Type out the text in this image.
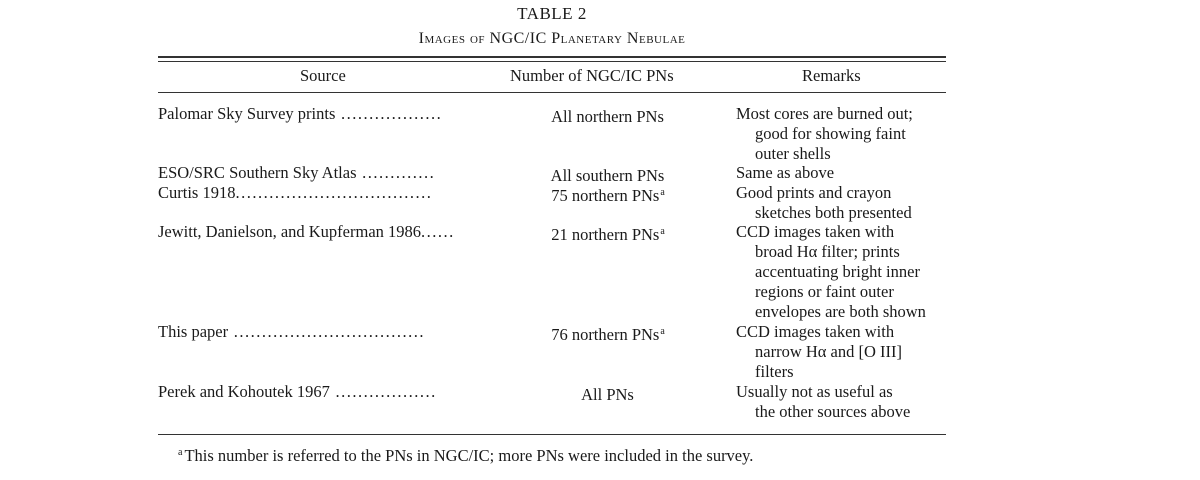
TABLE 2
Images of NGC/IC Planetary Nebulae
Source	Number of NGC/IC PNs	Remarks
Palomar Sky Survey prints ..................	All northern PNs	Most cores are burned out;
good for showing faint
outer shells
ESO/SRC Southern Sky Atlas .............	All southern PNs	Same as above
Curtis 1918...................................	75 northern PNs$^a$	Good prints and crayon
sketches both presented
Jewitt, Danielson, and Kupferman 1986......	21 northern PNs$^a$	CCD images taken with
broad Hα filter; prints
accentuating bright inner
regions or faint outer
envelopes are both shown
This paper ..................................	76 northern PNs$^a$	CCD images taken with
narrow Hα and [O III]
filters
Perek and Kohoutek 1967 ..................	All PNs	Usually not as useful as
the other sources above
$^a$ This number is referred to the PNs in NGC/IC; more PNs were included in the survey.
